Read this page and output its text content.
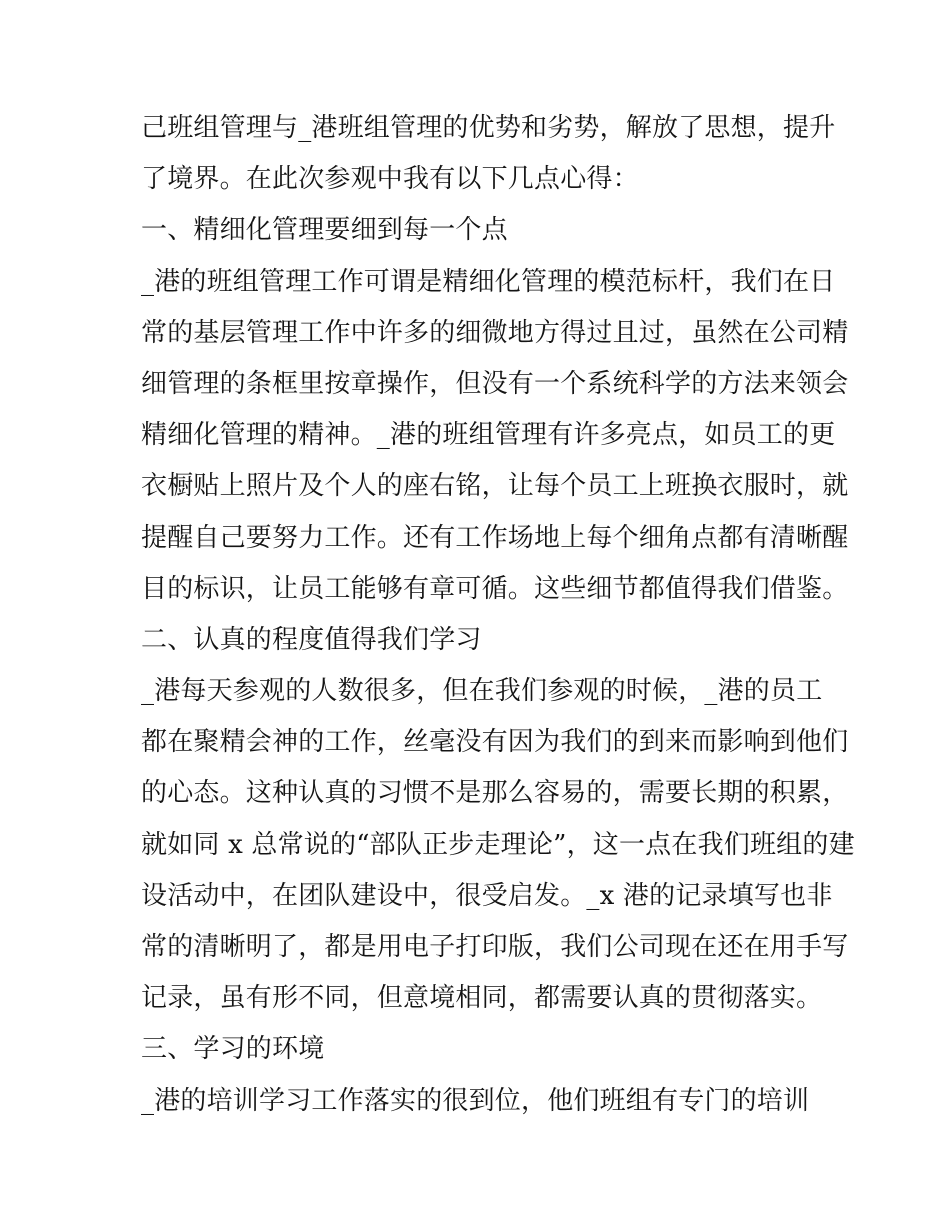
己班组管理与_港班组管理的优势和劣势，解放了思想，提升
了境界。在此次参观中我有以下几点心得：
一、精细化管理要细到每一个点
_港的班组管理工作可谓是精细化管理的模范标杆，我们在日
常的基层管理工作中许多的细微地方得过且过，虽然在公司精
细管理的条框里按章操作，但没有一个系统科学的方法来领会
精细化管理的精神。_港的班组管理有许多亮点，如员工的更
衣橱贴上照片及个人的座右铭，让每个员工上班换衣服时，就
提醒自己要努力工作。还有工作场地上每个细角点都有清晰醒
目的标识，让员工能够有章可循。这些细节都值得我们借鉴。
二、认真的程度值得我们学习
_港每天参观的人数很多，但在我们参观的时候，_港的员工
都在聚精会神的工作，丝毫没有因为我们的到来而影响到他们
的心态。这种认真的习惯不是那么容易的，需要长期的积累，
就如同 x 总常说的“部队正步走理论”，这一点在我们班组的建
设活动中，在团队建设中，很受启发。_x 港的记录填写也非
常的清晰明了，都是用电子打印版，我们公司现在还在用手写
记录，虽有形不同，但意境相同，都需要认真的贯彻落实。
三、学习的环境
_港的培训学习工作落实的很到位，他们班组有专门的培训
